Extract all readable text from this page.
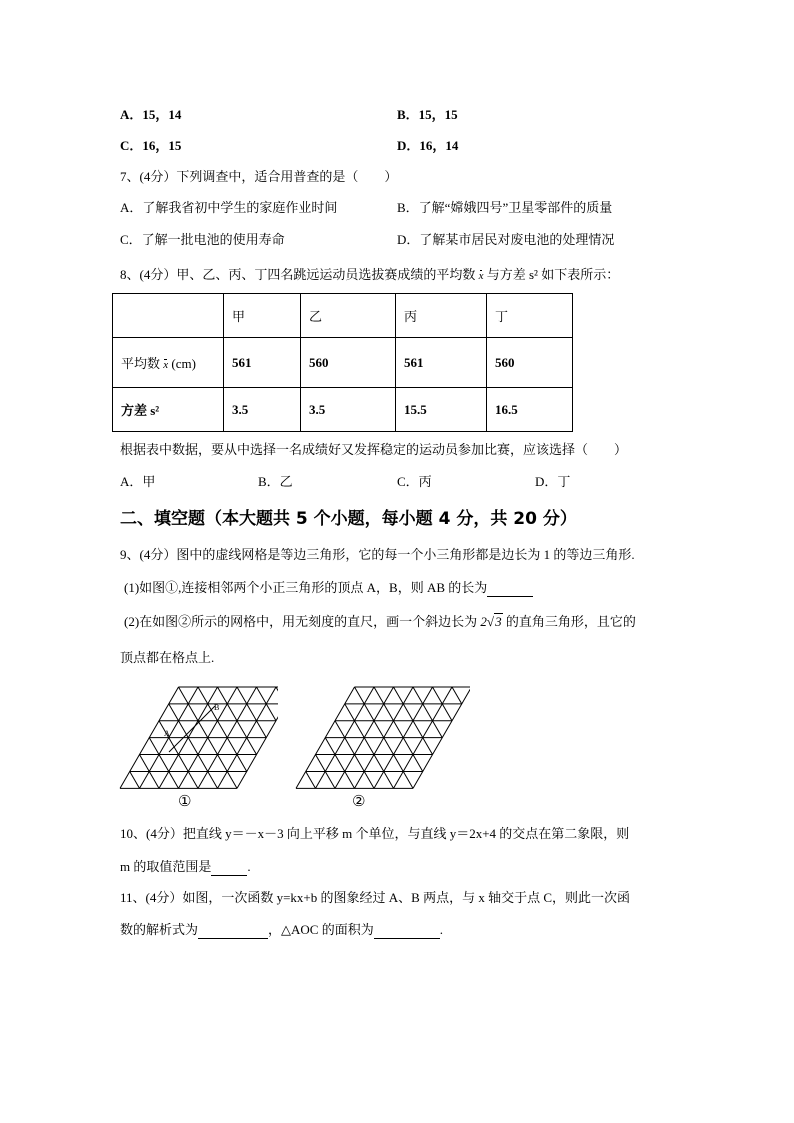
A．15，14	B．15，15
C．16，15	D．16，14
7、(4分）下列调查中，适合用普查的是（　　）
A．了解我省初中学生的家庭作业时间	B．了解“嫦娥四号”卫星零部件的质量
C．了解一批电池的使用寿命	D．了解某市居民对废电池的处理情况
8、(4分）甲、乙、丙、丁四名跳远运动员选拔赛成绩的平均数 x 与方差 s² 如下表所示：
	甲	乙	丙	丁
平均数 x (cm)	561	560	561	560
方差 s²	3.5	3.5	15.5	16.5
根据表中数据，要从中选择一名成绩好又发挥稳定的运动员参加比赛，应该选择（　　）
A．甲	B．乙	C．丙	D．丁
二、填空题（本大题共 5 个小题，每小题 4 分，共 20 分）
9、(4分）图中的虚线网格是等边三角形，它的每一个小三角形都是边长为 1 的等边三角形.
(1)如图①,连接相邻两个小正三角形的顶点 A，B，则 AB 的长为
(2)在如图②所示的网格中，用无刻度的直尺，画一个斜边长为 2√3 的直角三角形，且它的
顶点都在格点上.
A
B
①	②
10、(4分）把直线 y＝－x－3 向上平移 m 个单位，与直线 y＝2x+4 的交点在第二象限，则
m 的取值范围是	.
11、(4分）如图，一次函数 y=kx+b 的图象经过 A、B 两点，与 x 轴交于点 C，则此一次函
数的解析式为	，△AOC 的面积为	.
